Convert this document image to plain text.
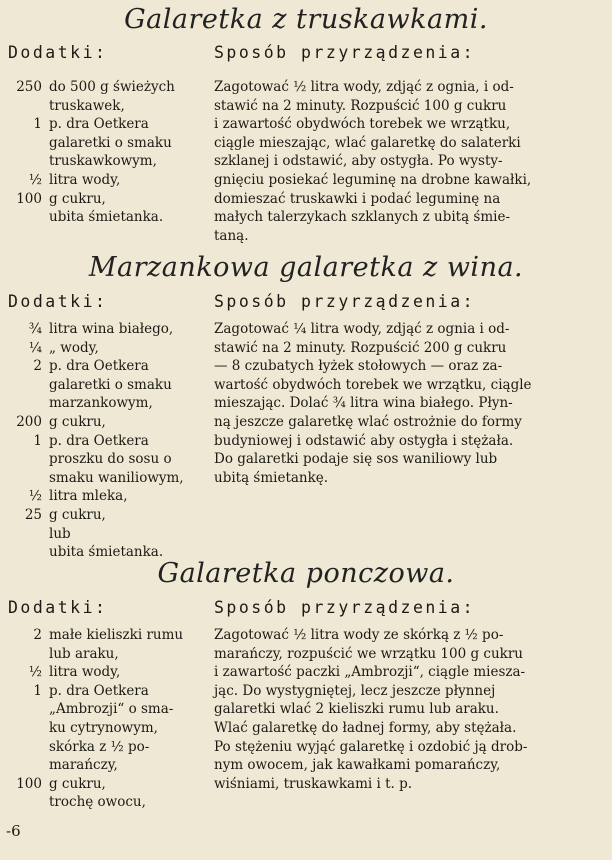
Galaretka z truskawkami.
Dodatki:	Sposób przyrządzenia:
250 do 500 g świeżych
truskawek,
1 p. dra Oetkera
galaretki o smaku
truskawkowym,
½ litra wody,
100 g cukru,
ubita śmietanka.
Zagotować ½ litra wody, zdjąć z ognia, i od-
stawić na 2 minuty. Rozpuścić 100 g cukru
i zawartość obydwóch torebek we wrzątku,
ciągle mieszając, wlać galaretkę do salaterki
szklanej i odstawić, aby ostygła. Po wysty-
gnięciu posiekać leguminę na drobne kawałki,
domieszać truskawki i podać leguminę na
małych talerzykach szklanych z ubitą śmie-
taną.
Marzankowa galaretka z wina.
Dodatki:	Sposób przyrządzenia:
¾ litra wina białego,
¼ „ wody,
2 p. dra Oetkera
galaretki o smaku
marzankowym,
200 g cukru,
1 p. dra Oetkera
proszku do sosu o
smaku waniliowym,
½ litra mleka,
25 g cukru,
lub
ubita śmietanka.
Zagotować ¼ litra wody, zdjąć z ognia i od-
stawić na 2 minuty. Rozpuścić 200 g cukru
— 8 czubatych łyżek stołowych — oraz za-
wartość obydwóch torebek we wrzątku, ciągle
mieszając. Dolać ¾ litra wina białego. Płyn-
ną jeszcze galaretkę wlać ostrożnie do formy
budyniowej i odstawić aby ostygła i stężała.
Do galaretki podaje się sos waniliowy lub
ubitą śmietankę.
Galaretka ponczowa.
Dodatki:	Sposób przyrządzenia:
2 małe kieliszki rumu
lub araku,
½ litra wody,
1 p. dra Oetkera
„Ambrozji“ o sma-
ku cytrynowym,
skórka z ½ po-
marańczy,
100 g cukru,
trochę owocu,
Zagotować ½ litra wody ze skórką z ½ po-
marańczy, rozpuścić we wrzątku 100 g cukru
i zawartość paczki „Ambrozji“, ciągle miesza-
jąc. Do wystygniętej, lecz jeszcze płynnej
galaretki wlać 2 kieliszki rumu lub araku.
Wlać galaretkę do ładnej formy, aby stężała.
Po stężeniu wyjąć galaretkę i ozdobić ją drob-
nym owocem, jak kawałkami pomarańczy,
wiśniami, truskawkami i t. p.
-6
